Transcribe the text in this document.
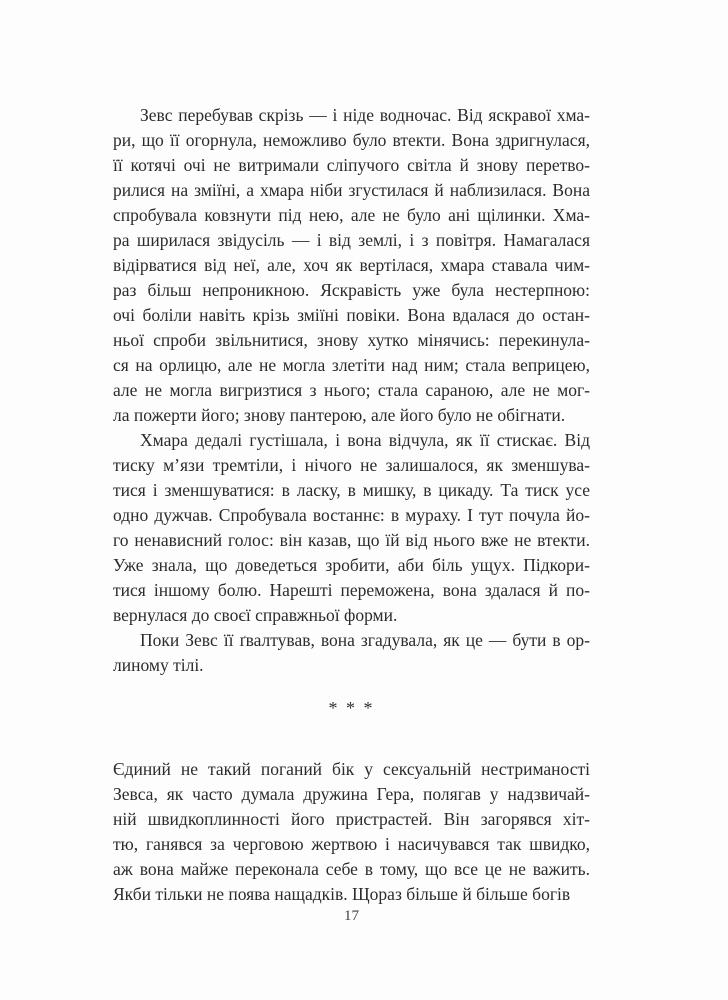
Зевс перебував скрізь — і ніде водночас. Від яскравої хма-
ри, що її огорнула, неможливо було втекти. Вона здригнулася,
її котячі очі не витримали сліпучого світла й знову перетво-
рилися на зміїні, а хмара ніби згустилася й наблизилася. Вона
спробувала ковзнути під нею, але не було ані щілинки. Хма-
ра ширилася звідусіль — і від землі, і з повітря. Намагалася
відірватися від неї, але, хоч як вертілася, хмара ставала чим-
раз більш непроникною. Яскравість уже була нестерпною:
очі боліли навіть крізь зміїні повіки. Вона вдалася до остан-
ньої спроби звільнитися, знову хутко мінячись: перекинула-
ся на орлицю, але не могла злетіти над ним; стала веприцею,
але не могла вигризтися з нього; стала сараною, але не мог-
ла пожерти його; знову пантерою, але його було не обігнати.
Хмара дедалі густішала, і вона відчула, як її стискає. Від
тиску м’язи тремтіли, і нічого не залишалося, як зменшува-
тися і зменшуватися: в ласку, в мишку, в цикаду. Та тиск усе
одно дужчав. Спробувала востаннє: в мураху. І тут почула йо-
го ненависний голос: він казав, що їй від нього вже не втекти.
Уже знала, що доведеться зробити, аби біль ущух. Підкори-
тися іншому болю. Нарешті переможена, вона здалася й по-
вернулася до своєї справжньої форми.
Поки Зевс її ґвалтував, вона згадувала, як це — бути в ор-
линому тілі.
* * *
Єдиний не такий поганий бік у сексуальній нестриманості
Зевса, як часто думала дружина Гера, полягав у надзвичай-
ній швидкоплинності його пристрастей. Він загорявся хіт-
тю, ганявся за черговою жертвою і насичувався так швидко,
аж вона майже переконала себе в тому, що все це не важить.
Якби тільки не поява нащадків. Щораз більше й більше богів
17
